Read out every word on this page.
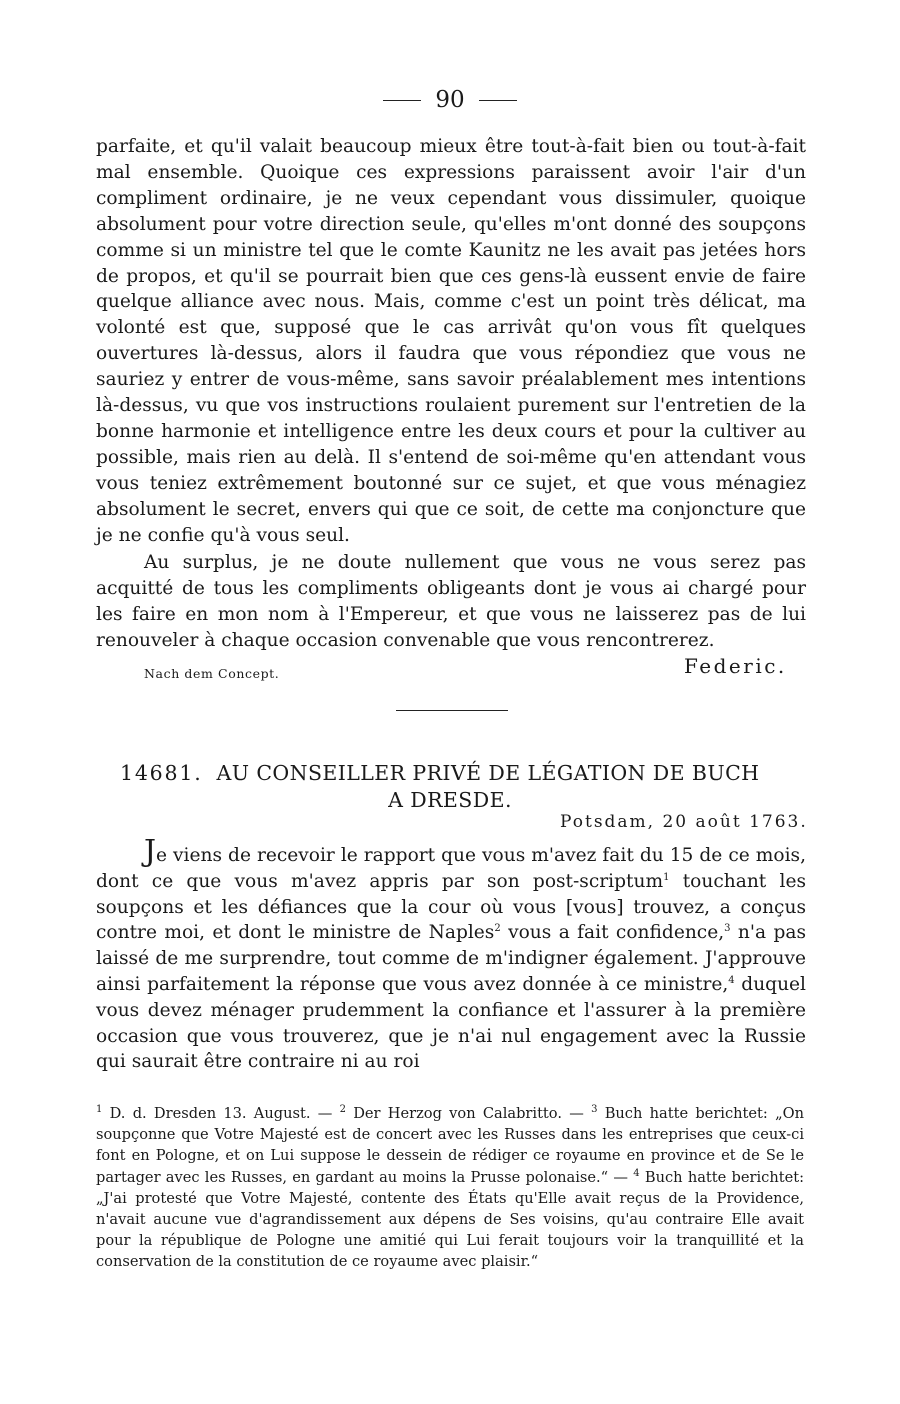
90

parfaite, et qu'il valait beaucoup mieux être tout-à-fait bien ou tout-à-fait mal ensemble. Quoique ces expressions paraissent avoir l'air d'un compliment ordinaire, je ne veux cependant vous dissimuler, quoique absolument pour votre direction seule, qu'elles m'ont donné des soupçons comme si un ministre tel que le comte Kaunitz ne les avait pas jetées hors de propos, et qu'il se pourrait bien que ces gens-là eussent envie de faire quelque alliance avec nous. Mais, comme c'est un point très délicat, ma volonté est que, supposé que le cas arrivât qu'on vous fît quelques ouvertures là-dessus, alors il faudra que vous répondiez que vous ne sauriez y entrer de vous-même, sans savoir préalablement mes intentions là-dessus, vu que vos instructions roulaient purement sur l'entretien de la bonne harmonie et intelligence entre les deux cours et pour la cultiver au possible, mais rien au delà. Il s'entend de soi-même qu'en attendant vous vous teniez extrêmement boutonné sur ce sujet, et que vous ménagiez absolument le secret, envers qui que ce soit, de cette ma conjoncture que je ne confie qu'à vous seul.

Au surplus, je ne doute nullement que vous ne vous serez pas acquitté de tous les compliments obligeants dont je vous ai chargé pour les faire en mon nom à l'Empereur, et que vous ne laisserez pas de lui renouveler à chaque occasion convenable que vous rencontrerez.

Nach dem Concept.	Federic.
14681. AU CONSEILLER PRIVÉ DE LÉGATION DE BUCH
A DRESDE.
Potsdam, 20 août 1763.

Je viens de recevoir le rapport que vous m'avez fait du 15 de ce mois, dont ce que vous m'avez appris par son post-scriptum$^1$ touchant les soupçons et les défiances que la cour où vous [vous] trouvez, a conçus contre moi, et dont le ministre de Naples$^2$ vous a fait confidence,$^3$ n'a pas laissé de me surprendre, tout comme de m'indigner également. J'approuve ainsi parfaitement la réponse que vous avez donnée à ce ministre,$^4$ duquel vous devez ménager prudemment la confiance et l'assurer à la première occasion que vous trouverez, que je n'ai nul engagement avec la Russie qui saurait être contraire ni au roi

$^1$ D. d. Dresden 13. August. — $^2$ Der Herzog von Calabritto. — $^3$ Buch hatte berichtet: „On soupçonne que Votre Majesté est de concert avec les Russes dans les entreprises que ceux-ci font en Pologne, et on Lui suppose le dessein de rédiger ce royaume en province et de Se le partager avec les Russes, en gardant au moins la Prusse polonaise.“ — $^4$ Buch hatte berichtet: „J'ai protesté que Votre Majesté, contente des États qu'Elle avait reçus de la Providence, n'avait aucune vue d'agrandissement aux dépens de Ses voisins, qu'au contraire Elle avait pour la république de Pologne une amitié qui Lui ferait toujours voir la tranquillité et la conservation de la constitution de ce royaume avec plaisir.“
